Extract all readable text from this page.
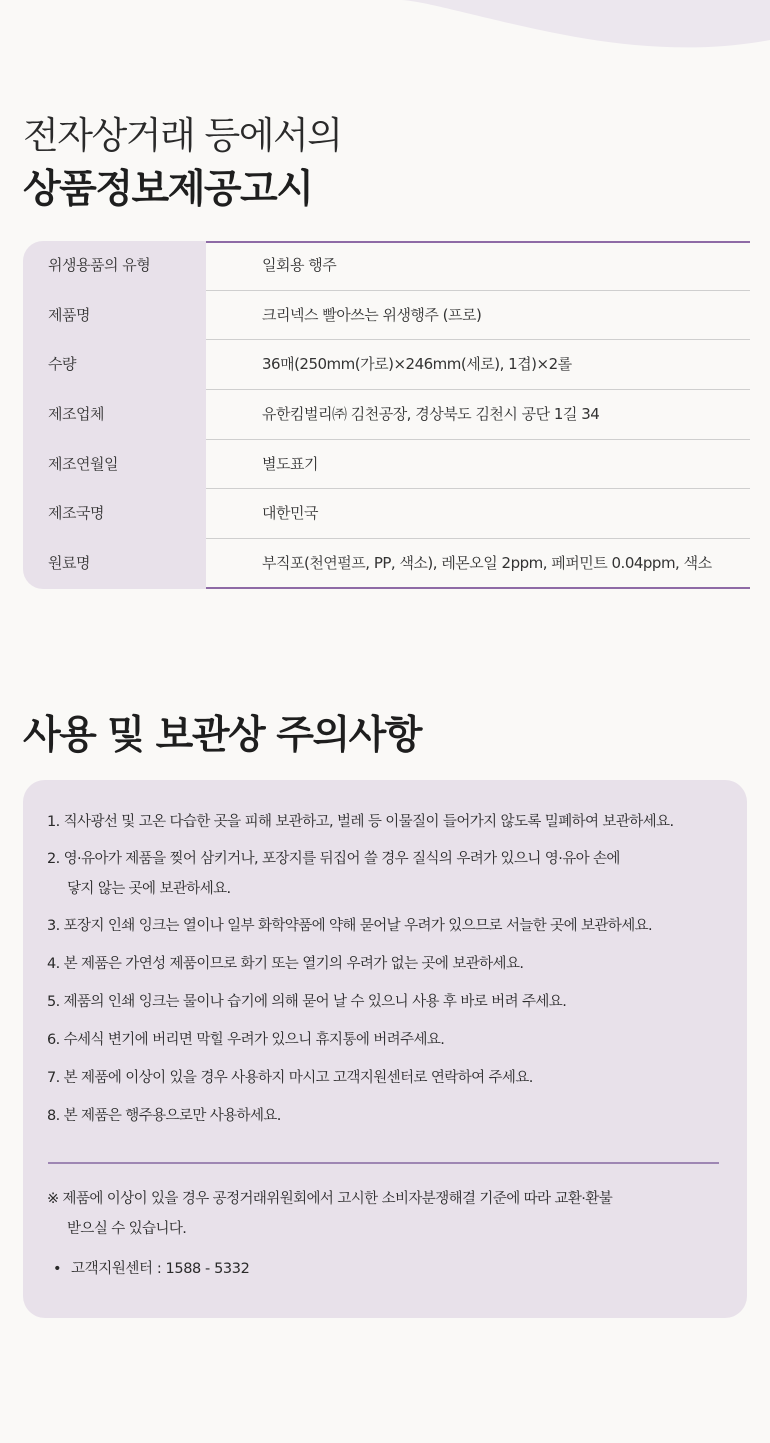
전자상거래 등에서의
상품정보제공고시
위생용품의 유형	일회용 행주
제품명	크리넥스 빨아쓰는 위생행주 (프로)
수량	36매(250mm(가로)×246mm(세로), 1겹)×2롤
제조업체	유한킴벌리㈜ 김천공장, 경상북도 김천시 공단 1길 34
제조연월일	별도표기
제조국명	대한민국
원료명	부직포(천연펄프, PP, 색소), 레몬오일 2ppm, 페퍼민트 0.04ppm, 색소
사용 및 보관상 주의사항
1. 직사광선 및 고온 다습한 곳을 피해 보관하고, 벌레 등 이물질이 들어가지 않도록 밀폐하여 보관하세요.
2. 영·유아가 제품을 찢어 삼키거나, 포장지를 뒤집어 쓸 경우 질식의 우려가 있으니 영·유아 손에
닿지 않는 곳에 보관하세요.
3. 포장지 인쇄 잉크는 열이나 일부 화학약품에 약해 묻어날 우려가 있으므로 서늘한 곳에 보관하세요.
4. 본 제품은 가연성 제품이므로 화기 또는 열기의 우려가 없는 곳에 보관하세요.
5. 제품의 인쇄 잉크는 물이나 습기에 의해 묻어 날 수 있으니 사용 후 바로 버려 주세요.
6. 수세식 변기에 버리면 막힐 우려가 있으니 휴지통에 버려주세요.
7. 본 제품에 이상이 있을 경우 사용하지 마시고 고객지원센터로 연락하여 주세요.
8. 본 제품은 행주용으로만 사용하세요.
※ 제품에 이상이 있을 경우 공정거래위원회에서 고시한 소비자분쟁해결 기준에 따라 교환·환불
받으실 수 있습니다.
• 고객지원센터 : 1588 - 5332
